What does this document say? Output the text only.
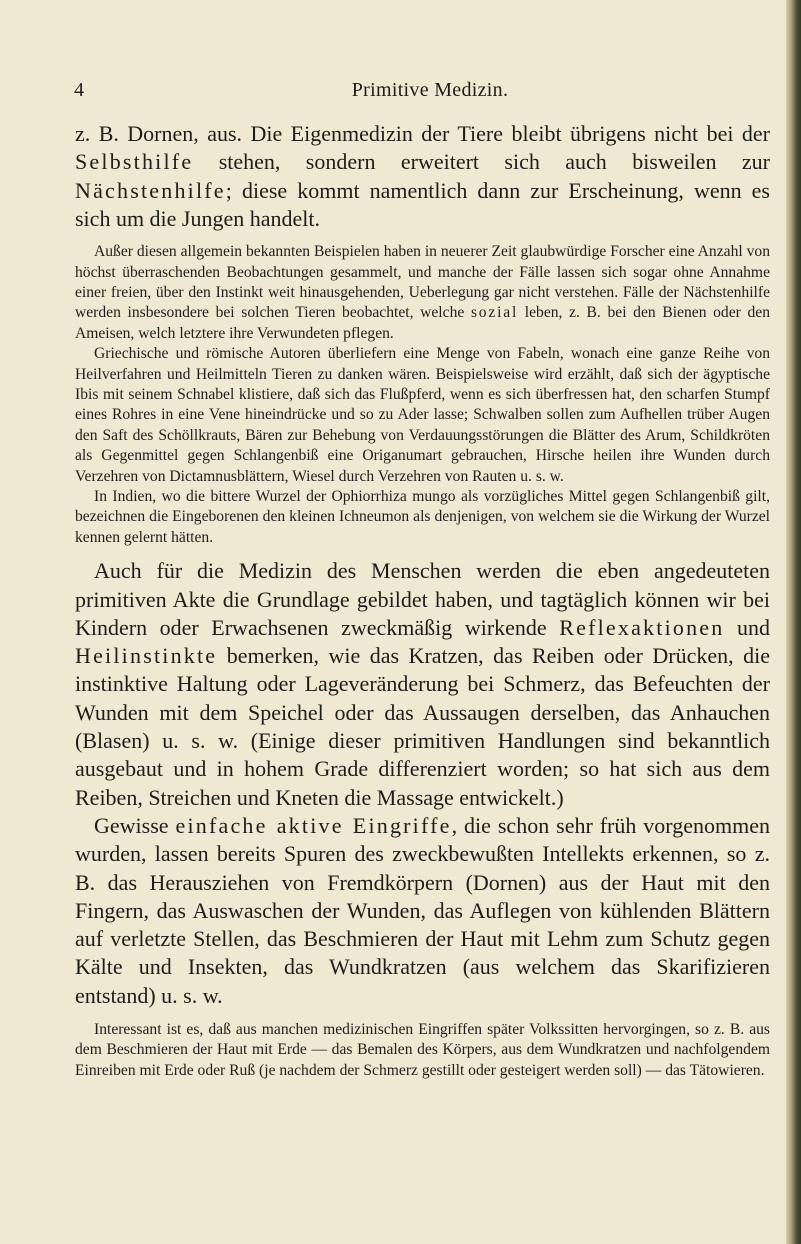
4	Primitive Medizin.

z. B. Dornen, aus. Die Eigenmedizin der Tiere bleibt übrigens nicht bei der Selbsthilfe stehen, sondern erweitert sich auch bisweilen zur Nächstenhilfe; diese kommt namentlich dann zur Erscheinung, wenn es sich um die Jungen handelt.

Außer diesen allgemein bekannten Beispielen haben in neuerer Zeit glaubwürdige Forscher eine Anzahl von höchst überraschenden Beobachtungen gesammelt, und manche der Fälle lassen sich sogar ohne Annahme einer freien, über den Instinkt weit hinausgehenden, Ueberlegung gar nicht verstehen. Fälle der Nächstenhilfe werden insbesondere bei solchen Tieren beobachtet, welche sozial leben, z. B. bei den Bienen oder den Ameisen, welch letztere ihre Verwundeten pflegen.

Griechische und römische Autoren überliefern eine Menge von Fabeln, wonach eine ganze Reihe von Heilverfahren und Heilmitteln Tieren zu danken wären. Beispielsweise wird erzählt, daß sich der ägyptische Ibis mit seinem Schnabel klistiere, daß sich das Flußpferd, wenn es sich überfressen hat, den scharfen Stumpf eines Rohres in eine Vene hineindrücke und so zu Ader lasse; Schwalben sollen zum Aufhellen trüber Augen den Saft des Schöllkrauts, Bären zur Behebung von Verdauungsstörungen die Blätter des Arum, Schildkröten als Gegenmittel gegen Schlangenbiß eine Origanumart gebrauchen, Hirsche heilen ihre Wunden durch Verzehren von Dictamnusblättern, Wiesel durch Verzehren von Rauten u. s. w.

In Indien, wo die bittere Wurzel der Ophiorrhiza mungo als vorzügliches Mittel gegen Schlangenbiß gilt, bezeichnen die Eingeborenen den kleinen Ichneumon als denjenigen, von welchem sie die Wirkung der Wurzel kennen gelernt hätten.

Auch für die Medizin des Menschen werden die eben angedeuteten primitiven Akte die Grundlage gebildet haben, und tagtäglich können wir bei Kindern oder Erwachsenen zweckmäßig wirkende Reflexaktionen und Heilinstinkte bemerken, wie das Kratzen, das Reiben oder Drücken, die instinktive Haltung oder Lageveränderung bei Schmerz, das Befeuchten der Wunden mit dem Speichel oder das Aussaugen derselben, das Anhauchen (Blasen) u. s. w. (Einige dieser primitiven Handlungen sind bekanntlich ausgebaut und in hohem Grade differenziert worden; so hat sich aus dem Reiben, Streichen und Kneten die Massage entwickelt.)

Gewisse einfache aktive Eingriffe, die schon sehr früh vorgenommen wurden, lassen bereits Spuren des zweckbewußten Intellekts erkennen, so z. B. das Herausziehen von Fremdkörpern (Dornen) aus der Haut mit den Fingern, das Auswaschen der Wunden, das Auflegen von kühlenden Blättern auf verletzte Stellen, das Beschmieren der Haut mit Lehm zum Schutz gegen Kälte und Insekten, das Wundkratzen (aus welchem das Skarifizieren entstand) u. s. w.

Interessant ist es, daß aus manchen medizinischen Eingriffen später Volkssitten hervorgingen, so z. B. aus dem Beschmieren der Haut mit Erde — das Bemalen des Körpers, aus dem Wundkratzen und nachfolgendem Einreiben mit Erde oder Ruß (je nachdem der Schmerz gestillt oder gesteigert werden soll) — das Tätowieren.
